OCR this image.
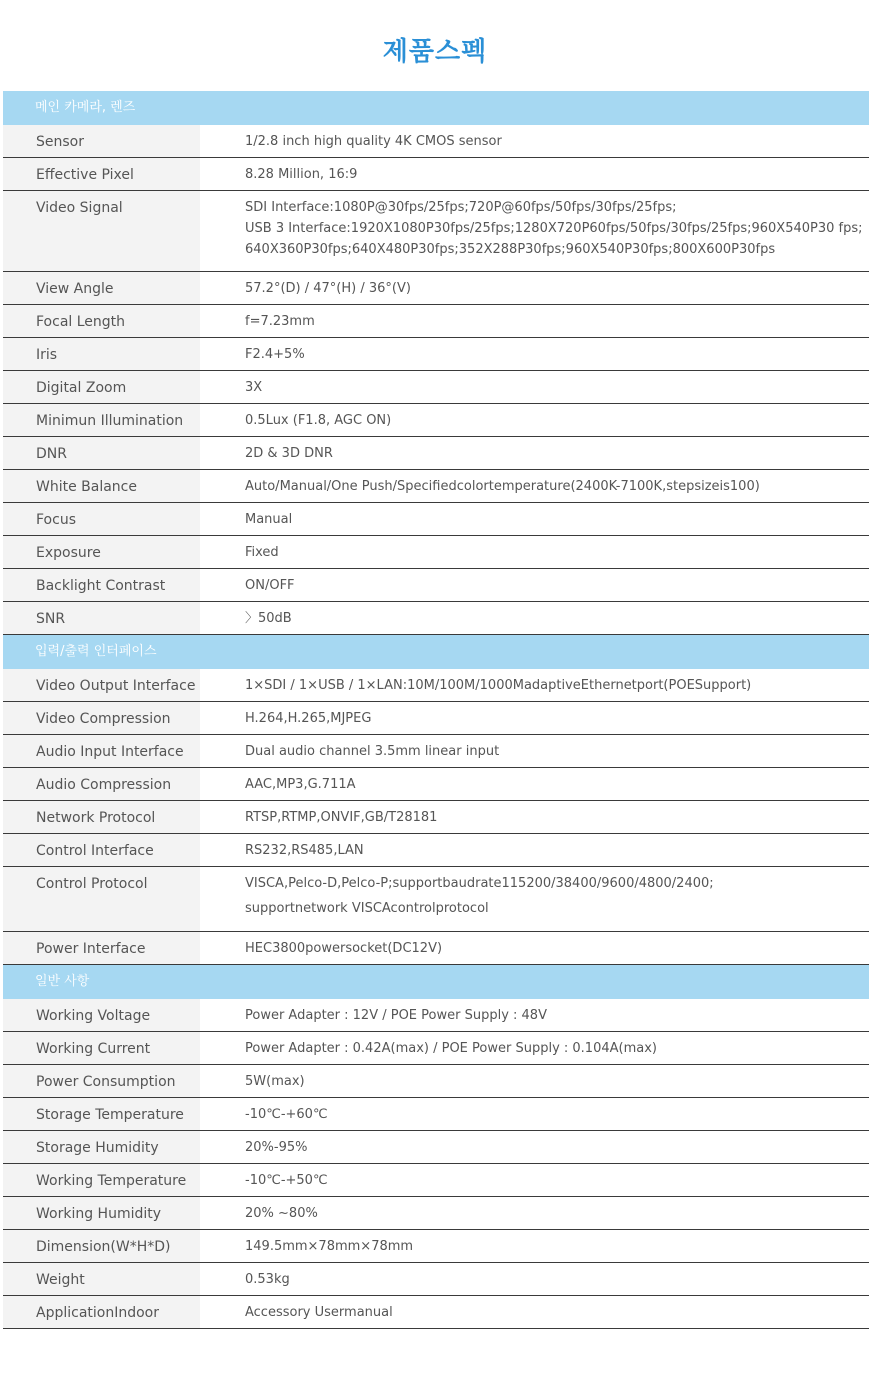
제품스펙
메인 카메라, 렌즈
Sensor	1/2.8 inch high quality 4K CMOS sensor
Effective Pixel	8.28 Million, 16:9
Video Signal	SDI Interface:1080P@30fps/25fps;720P@60fps/50fps/30fps/25fps;
USB 3 Interface:1920X1080P30fps/25fps;1280X720P60fps/50fps/30fps/25fps;960X540P30 fps;
640X360P30fps;640X480P30fps;352X288P30fps;960X540P30fps;800X600P30fps
View Angle	57.2°(D) / 47°(H) / 36°(V)
Focal Length	f=7.23mm
Iris	F2.4+5%
Digital Zoom	3X
Minimun Illumination	0.5Lux (F1.8, AGC ON)
DNR	2D & 3D DNR
White Balance	Auto/Manual/One Push/Specifiedcolortemperature(2400K-7100K,stepsizeis100)
Focus	Manual
Exposure	Fixed
Backlight Contrast	ON/OFF
SNR	〉50dB
입력/출력 인터페이스
Video Output Interface	1×SDI / 1×USB / 1×LAN:10M/100M/1000MadaptiveEthernetport(POESupport)
Video Compression	H.264,H.265,MJPEG
Audio Input Interface	Dual audio channel 3.5mm linear input
Audio Compression	AAC,MP3,G.711A
Network Protocol	RTSP,RTMP,ONVIF,GB/T28181
Control Interface	RS232,RS485,LAN
Control Protocol	VISCA,Pelco-D,Pelco-P;supportbaudrate115200/38400/9600/4800/2400;
supportnetwork VISCAcontrolprotocol
Power Interface	HEC3800powersocket(DC12V)
일반 사항
Working Voltage	Power Adapter : 12V / POE Power Supply : 48V
Working Current	Power Adapter : 0.42A(max) / POE Power Supply : 0.104A(max)
Power Consumption	5W(max)
Storage Temperature	-10℃-+60℃
Storage Humidity	20%-95%
Working Temperature	-10℃-+50℃
Working Humidity	20% ~80%
Dimension(W*H*D)	149.5mm×78mm×78mm
Weight	0.53kg
ApplicationIndoor	Accessory Usermanual
